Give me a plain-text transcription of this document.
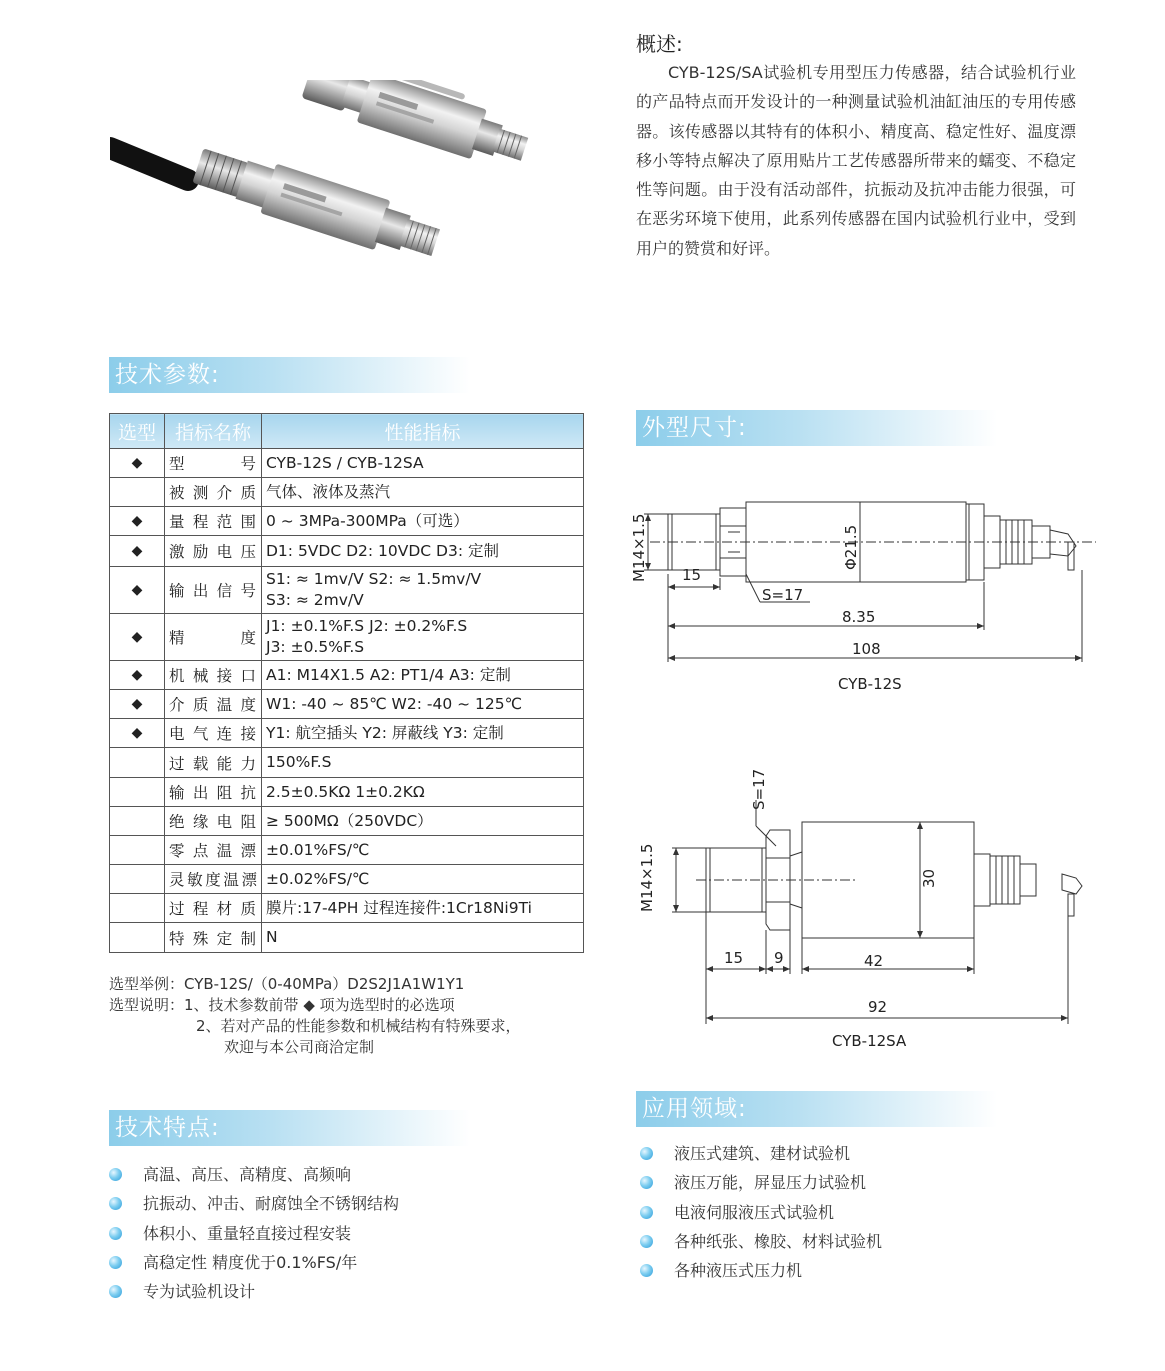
概述:

CYB-12S/SA试验机专用型压力传感器，结合试验机行业的产品特点而开发设计的一种测量试验机油缸油压的专用传感器。该传感器以其特有的体积小、精度高、稳定性好、温度漂移小等特点解决了原用贴片工艺传感器所带来的蠕变、不稳定性等问题。由于没有活动部件，抗振动及抗冲击能力很强，可在恶劣环境下使用，此系列传感器在国内试验机行业中，受到用户的赞赏和好评。

技术参数:
选型	指标名称	性能指标
◆	型号	CYB-12S / CYB-12SA
	被测介质	气体、液体及蒸汽
◆	量程范围	0 ~ 3MPa-300MPa（可选）
◆	激励电压	D1: 5VDC D2: 10VDC D3: 定制
◆	输出信号	S1: ≈ 1mv/V S2: ≈ 1.5mv/V
S3: ≈ 2mv/V

◆	精度	J1: ±0.1%F.S J2: ±0.2%F.S
J3: ±0.5%F.S

◆	机械接口	A1: M14X1.5 A2: PT1/4 A3: 定制
◆	介质温度	W1: -40 ~ 85℃ W2: -40 ~ 125℃
◆	电气连接	Y1: 航空插头 Y2: 屏蔽线 Y3: 定制
	过载能力	150%F.S
	输出阻抗	2.5±0.5KΩ 1±0.2KΩ
	绝缘电阻	≥ 500MΩ（250VDC）
	零点温漂	±0.01%FS/℃
	灵敏度温漂	±0.02%FS/℃
	过程材质	膜片:17-4PH 过程连接件:1Cr18Ni9Ti
	特殊定制	N
选型举例：CYB-12S/（0-40MPa）D2S2J1A1W1Y1
选型说明：1、技术参数前带 ◆ 项为选型时的必选项
2、若对产品的性能参数和机械结构有特殊要求，
欢迎与本公司商洽定制
技术特点:
高温、高压、高精度、高频响
抗振动、冲击、耐腐蚀全不锈钢结构
体积小、重量轻直接过程安装
高稳定性 精度优于0.1%FS/年
专为试验机设计
外型尺寸:
M14×1.5	Φ21.5
15
S=17
8.35
108
CYB-12S
S=17
M14×1.5	30
15 9	42
92
CYB-12SA
应用领域:
液压式建筑、建材试验机
液压万能，屏显压力试验机
电液伺服液压式试验机
各种纸张、橡胶、材料试验机
各种液压式压力机
